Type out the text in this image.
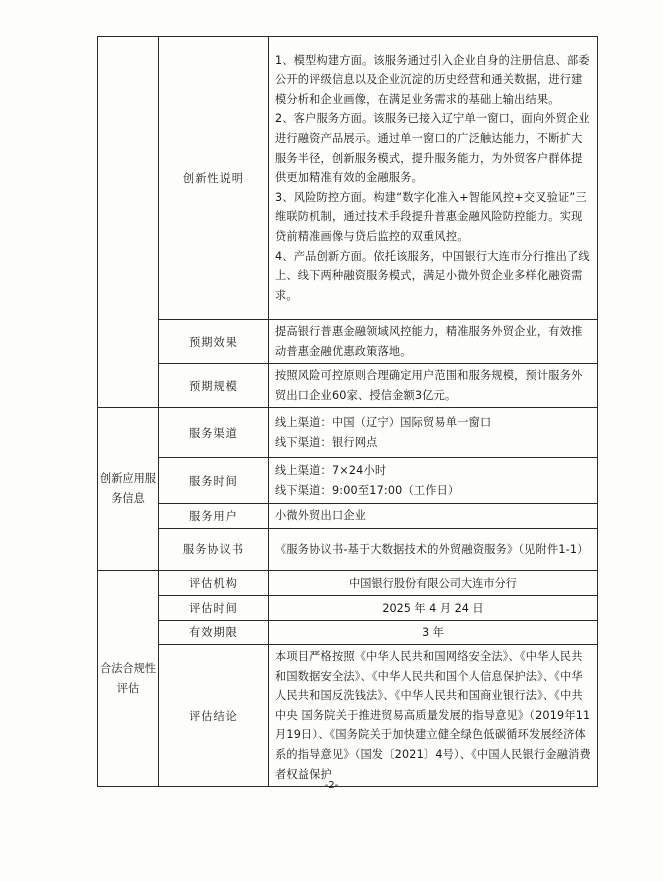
	创新性说明	1、模型构建方面。该服务通过引入企业自身的注册信息、部委公开的评级信息以及企业沉淀的历史经营和通关数据，进行建模分析和企业画像，在满足业务需求的基础上输出结果。
2、客户服务方面。该服务已接入辽宁单一窗口，面向外贸企业进行融资产品展示。通过单一窗口的广泛触达能力，不断扩大服务半径，创新服务模式，提升服务能力，为外贸客户群体提供更加精准有效的金融服务。
3、风险防控方面。构建“数字化准入+智能风控+交叉验证”三维联防机制，通过技术手段提升普惠金融风险防控能力。实现贷前精准画像与贷后监控的双重风控。
4、产品创新方面。依托该服务，中国银行大连市分行推出了线上、线下两种融资服务模式，满足小微外贸企业多样化融资需求。

	预期效果	提高银行普惠金融领域风控能力，精准服务外贸企业，有效推动普惠金融优惠政策落地。
	预期规模	按照风险可控原则合理确定用户范围和服务规模，预计服务外贸出口企业60家、授信金额3亿元。
创新应用服务信息	服务渠道	线上渠道：中国（辽宁）国际贸易单一窗口
线下渠道：银行网点

	服务时间	线上渠道：7×24小时
线下渠道：9:00至17:00（工作日）

	服务用户	小微外贸出口企业
	服务协议书	《服务协议书-基于大数据技术的外贸融资服务》（见附件1-1）
合法合规性评估	评估机构	中国银行股份有限公司大连市分行
	评估时间	2025 年 4 月 24 日
	有效期限	3 年
	评估结论	本项目严格按照《中华人民共和国网络安全法》、《中华人民共和国数据安全法》、《中华人民共和国个人信息保护法》、《中华人民共和国反洗钱法》、《中华人民共和国商业银行法》、《中共中央 国务院关于推进贸易高质量发展的指导意见》（2019年11月19日）、《国务院关于加快建立健全绿色低碳循环发展经济体系的指导意见》（国发〔2021〕4号）、《中国人民银行金融消费者权益保护
-2-
